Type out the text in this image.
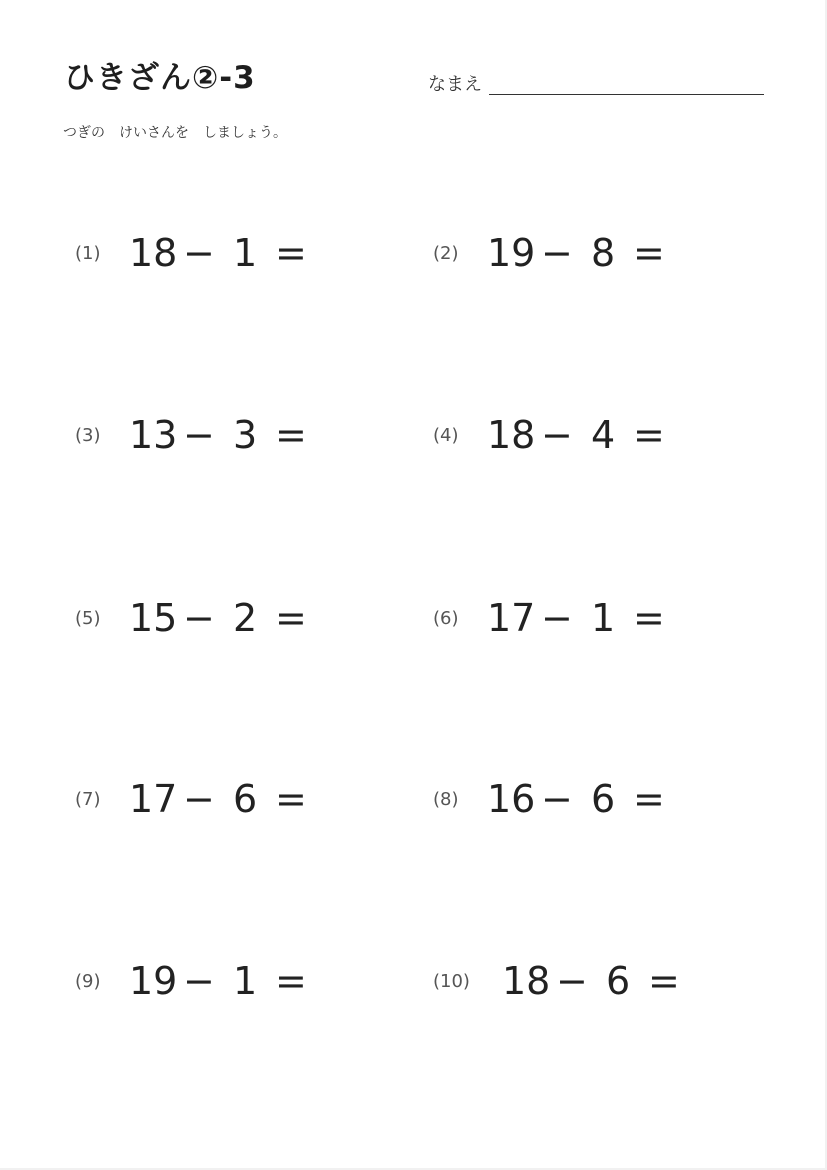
ひきざん②-3	なまえ
つぎの　けいさんを　しましょう。
(1) 18 − 1 =	(2) 19 − 8 =
(3) 13 − 3 =	(4) 18 − 4 =
(5) 15 − 2 =	(6) 17 − 1 =
(7) 17 − 6 =	(8) 16 − 6 =
(9) 19 − 1 =	(10) 18 − 6 =
